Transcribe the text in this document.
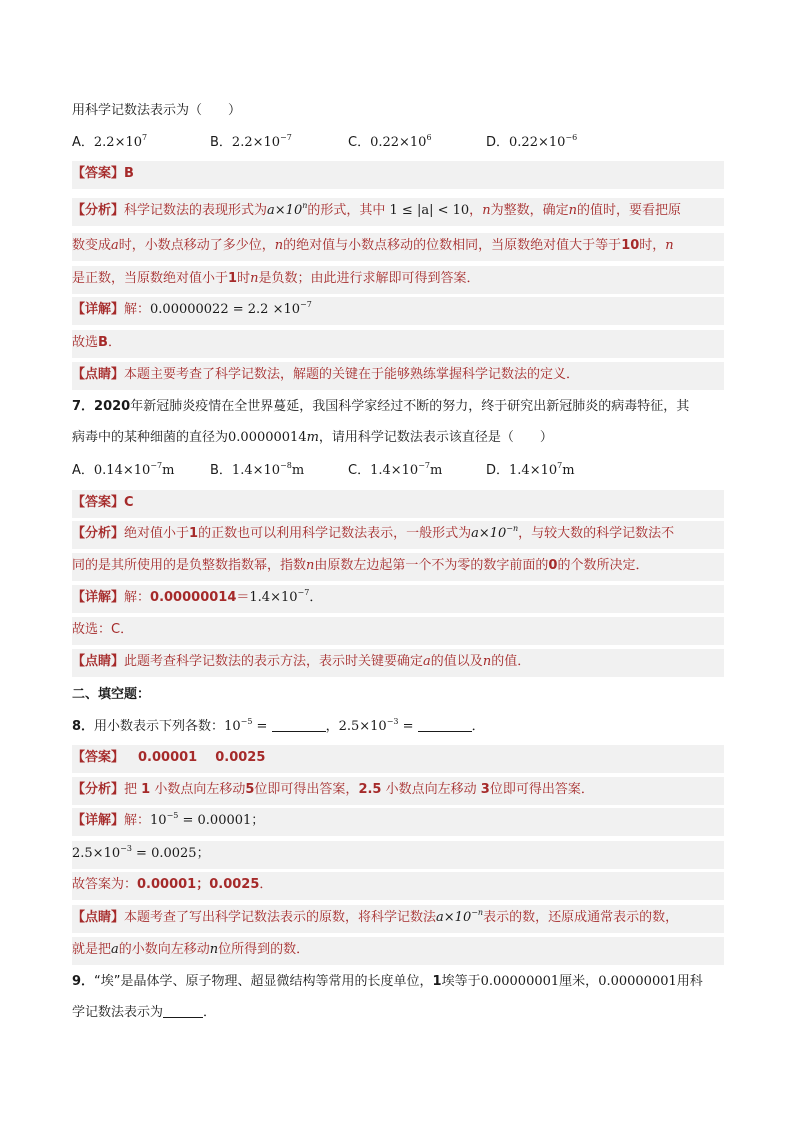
用科学记数法表示为（　　）
A．$2.2\times 10^7$	B．$2.2\times 10^{-7}$	C．$0.22\times 10^6$	D．$0.22\times 10^{-6}$
【答案】B
【分析】科学记数法的表现形式为$a\times 10^n$的形式，其中 1 ≤ |a| < 10，n为整数，确定n的值时，要看把原
数变成a时，小数点移动了多少位，n的绝对值与小数点移动的位数相同，当原数绝对值大于等于10时，n
是正数，当原数绝对值小于1时n是负数；由此进行求解即可得到答案．
【详解】解：$0.00000022 = 2.2 \times 10^{-7}$
故选B．
【点睛】本题主要考查了科学记数法，解题的关键在于能够熟练掌握科学记数法的定义．
7．2020年新冠肺炎疫情在全世界蔓延，我国科学家经过不断的努力，终于研究出新冠肺炎的病毒特征，其
病毒中的某种细菌的直径为0.00000014m，请用科学记数法表示该直径是（　　）
A．$0.14\times 10^{-7}m$	B．$1.4\times 10^{-8}m$	C．$1.4\times 10^{-7}m$	D．$1.4\times 10^7m$
【答案】C
【分析】绝对值小于1的正数也可以利用科学记数法表示，一般形式为$a\times 10^{-n}$，与较大数的科学记数法不
同的是其所使用的是负整数指数幂，指数n由原数左边起第一个不为零的数字前面的0的个数所决定．
【详解】解：$0.00000014=1.4\times 10^{-7}$．
故选：C．
【点睛】此题考查科学记数法的表示方法，表示时关键要确定a的值以及n的值．
二、填空题：
8．用小数表示下列各数：$10^{-5}$ =	，$2.5\times 10^{-3}$ =	．
【答案】 0.00001 0.0025
【分析】把 1 小数点向左移动5位即可得出答案，2.5 小数点向左移动 3位即可得出答案．
【详解】解：$10^{-5} = 0.00001$；
$2.5\times 10^{-3} = 0.0025$；
故答案为：0.00001；0.0025．
【点睛】本题考查了写出科学记数法表示的原数，将科学记数法$a\times 10^{-n}$表示的数，还原成通常表示的数，
就是把a的小数向左移动n位所得到的数．
9．“埃”是晶体学、原子物理、超显微结构等常用的长度单位，1埃等于0.00000001厘米，0.00000001用科
学记数法表示为	．
